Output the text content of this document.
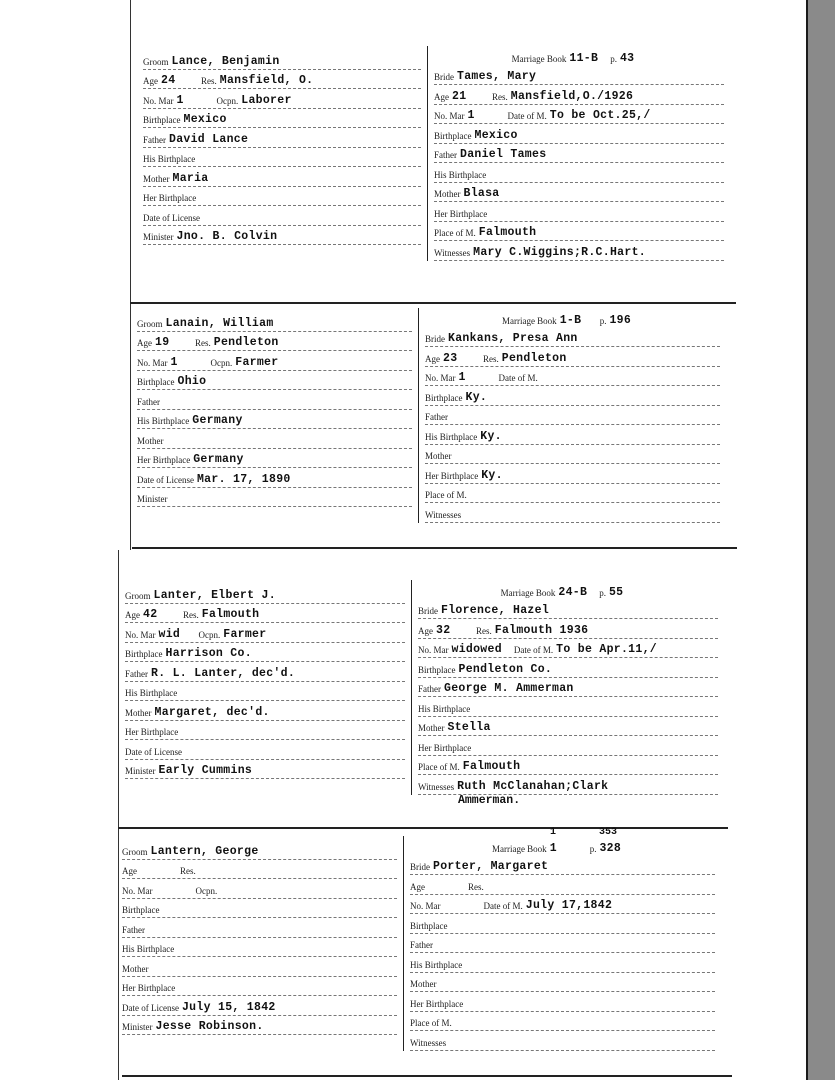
Groom Lance, Benjamin
Age 24	Res. Mansfield, O.
No. Mar 1	Ocpn. Laborer
Birthplace Mexico
Father David Lance
His Birthplace
Mother Maria
Her Birthplace
Date of License
Minister Jno. B. Colvin
Marriage Book 11-B p. 43
Bride Tames, Mary
Age 21	Res. Mansfield,O./1926
No. Mar 1	Date of M. To be Oct.25,/
Birthplace Mexico
Father Daniel Tames
His Birthplace
Mother Blasa
Her Birthplace
Place of M. Falmouth
Witnesses Mary C.Wiggins;R.C.Hart.
Groom Lanain, William
Age 19	Res. Pendleton
No. Mar 1	Ocpn. Farmer
Birthplace Ohio
Father
His Birthplace Germany
Mother
Her Birthplace Germany
Date of License Mar. 17, 1890
Minister
Marriage Book 1-B	p. 196
Bride Kankans, Presa Ann
Age 23	Res. Pendleton
No. Mar 1	Date of M.
Birthplace Ky.
Father
His Birthplace Ky.
Mother
Her Birthplace Ky.
Place of M.
Witnesses
Groom Lanter, Elbert J.
Age 42	Res. Falmouth
No. Mar wid	Ocpn. Farmer
Birthplace Harrison Co.
Father R. L. Lanter, dec'd.
His Birthplace
Mother Margaret, dec'd.
Her Birthplace
Date of License
Minister Early Cummins
Marriage Book 24-B p. 55
Bride Florence, Hazel
Age 32	Res. Falmouth 1936
No. Mar widowed Date of M. To be Apr.11,/
Birthplace Pendleton Co.
Father George M. Ammerman
His Birthplace
Mother Stella
Her Birthplace
Place of M. Falmouth
Witnesses Ruth McClanahan;Clark
Ammerman.
Groom Lantern, George
Age	Res.
No. Mar	Ocpn.
Birthplace
Father
His Birthplace
Mother
Her Birthplace
Date of License July 15, 1842
Minister Jesse Robinson.
Marriage Book 1
1
p. 328
353
Bride Porter, Margaret
Age	Res.
No. Mar	Date of M. July 17,1842
Birthplace
Father
His Birthplace
Mother
Her Birthplace
Place of M.
Witnesses
